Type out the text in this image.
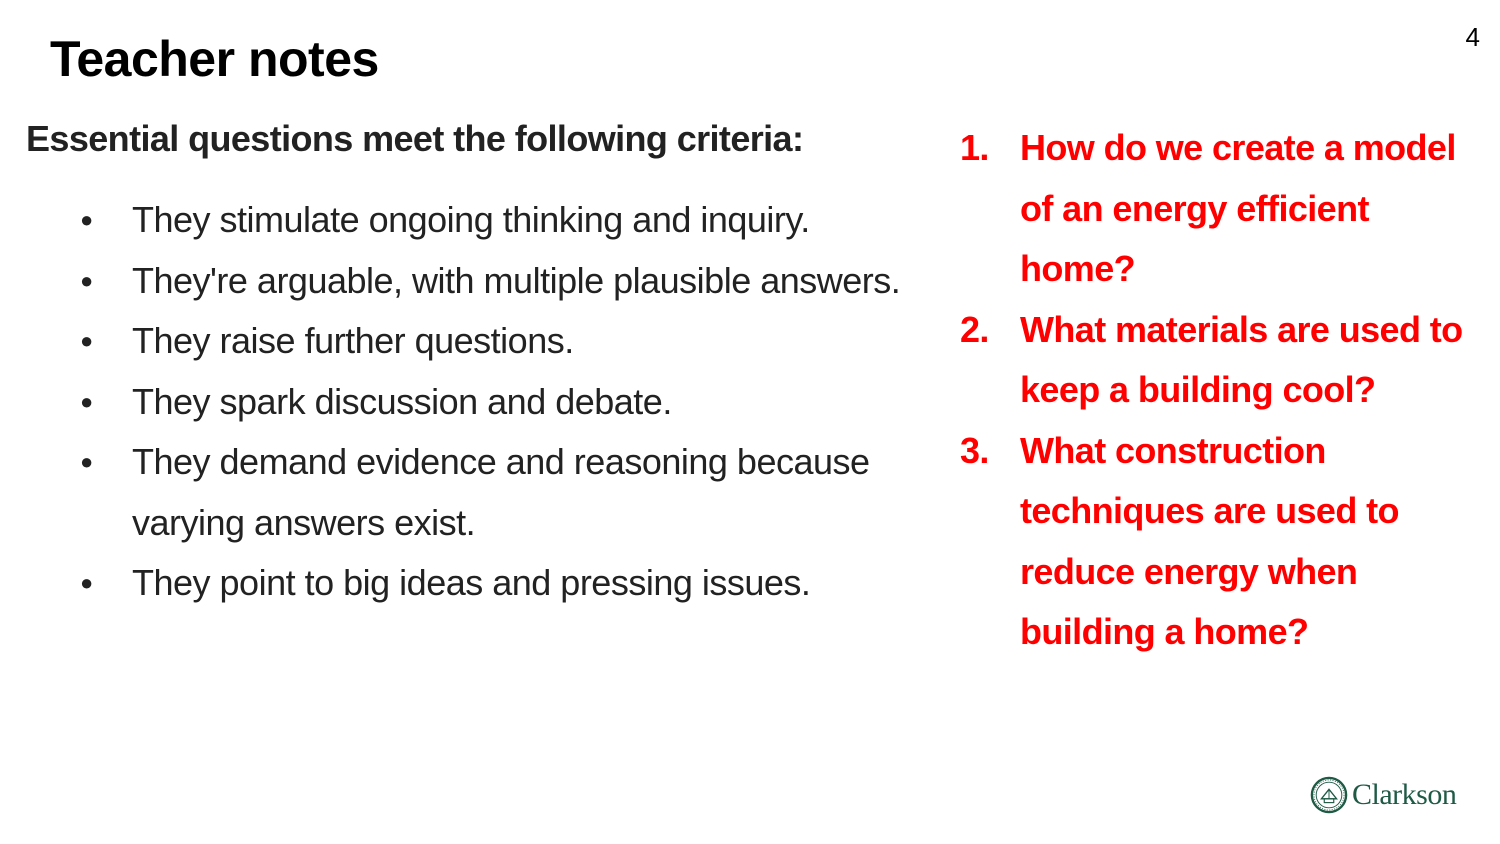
4
Teacher notes
Essential questions meet the following criteria:
● They stimulate ongoing thinking and inquiry.
● They're arguable, with multiple plausible answers.
● They raise further questions.
● They spark discussion and debate.
● They demand evidence and reasoning because varying answers exist.
● They point to big ideas and pressing issues.
1. How do we create a model of an energy efficient home?
2. What materials are used to keep a building cool?
3. What construction techniques are used to reduce energy when building a home?
Clarkson
